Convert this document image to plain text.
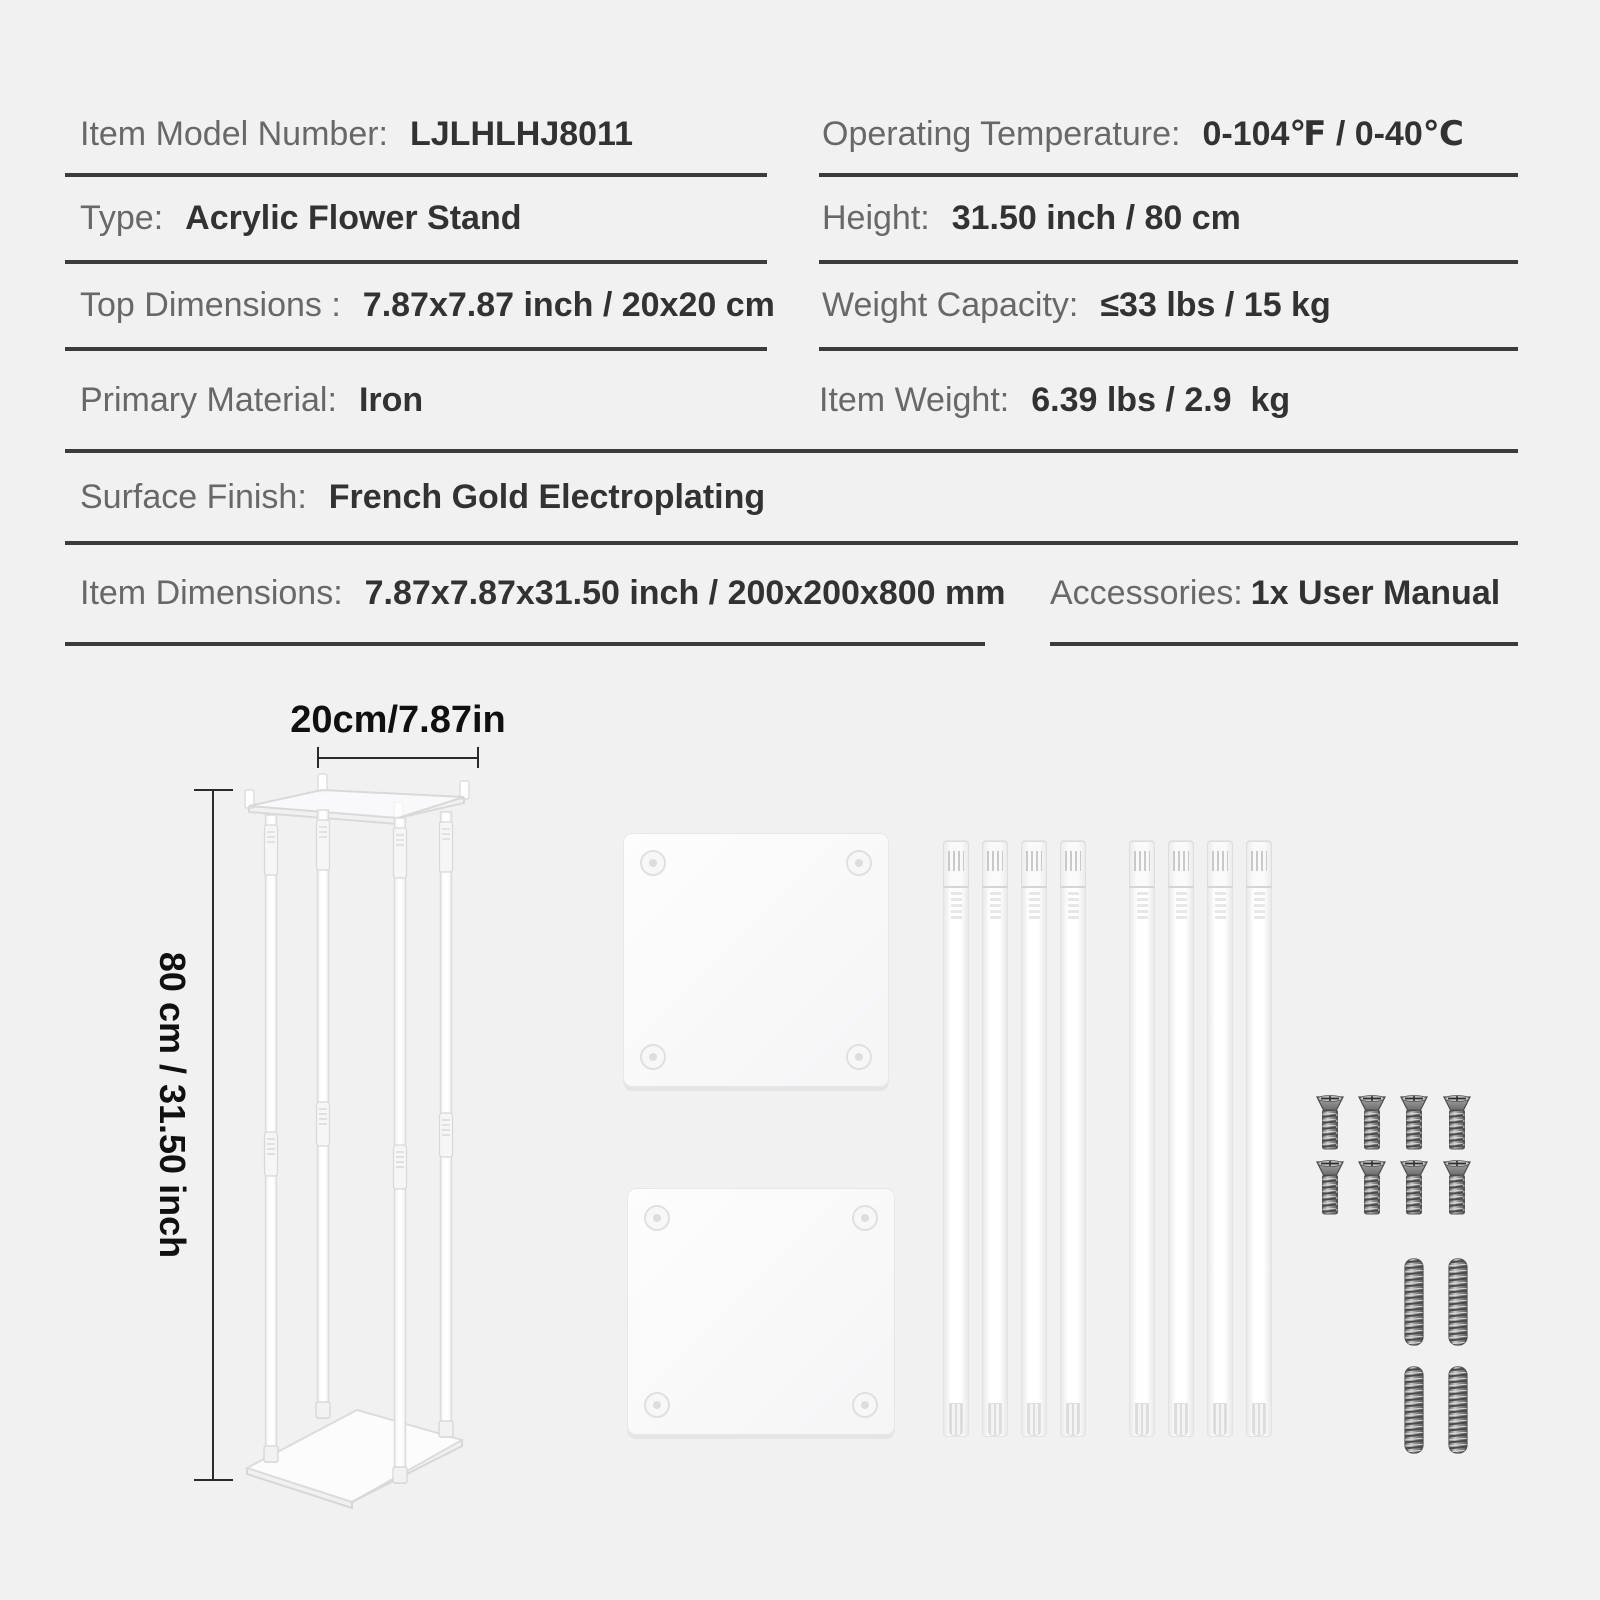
Item Model Number: LJLHLHJ8011	Operating Temperature: 0-104℉ / 0-40℃
Type: Acrylic Flower Stand	Height: 31.50 inch / 80 cm
Top Dimensions : 7.87x7.87 inch / 20x20 cm Weight Capacity: ≤33 lbs / 15 kg
Primary Material: Iron	Item Weight: 6.39 lbs / 2.9  kg
Surface Finish: French Gold Electroplating
Item Dimensions: 7.87x7.87x31.50 inch / 200x200x800 mm Accessories: 1x User Manual
20cm/7.87in
80 cm / 31.50 inch
